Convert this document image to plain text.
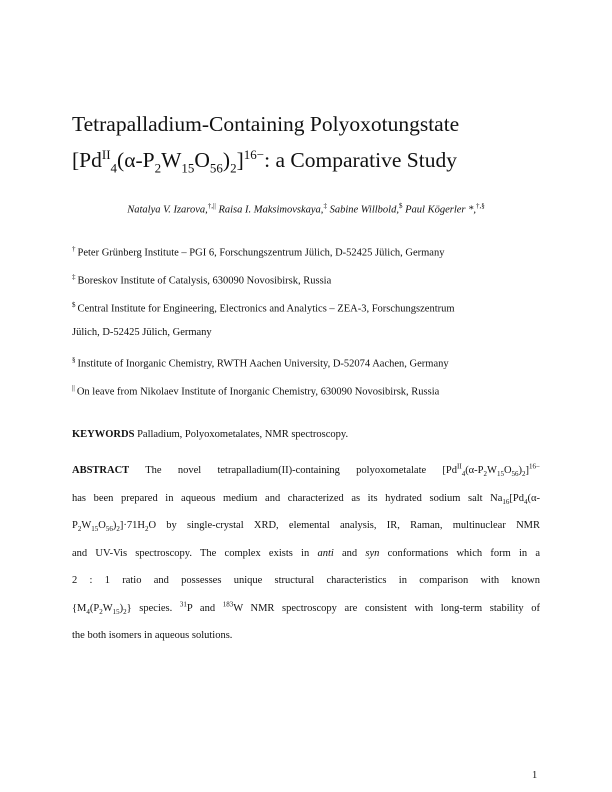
Tetrapalladium-Containing Polyoxotungstate
$[Pd^{II}_4(\alpha-P_2W_{15}O_{56})_2]^{16-}$: a Comparative Study
Natalya V. Izarova,†,|| Raisa I. Maksimovskaya,‡ Sabine Willbold,$ Paul Kögerler *,†,§
† Peter Grünberg Institute – PGI 6, Forschungszentrum Jülich, D-52425 Jülich, Germany
‡ Boreskov Institute of Catalysis, 630090 Novosibirsk, Russia
$ Central Institute for Engineering, Electronics and Analytics – ZEA-3, Forschungszentrum
Jülich, D-52425 Jülich, Germany
§ Institute of Inorganic Chemistry, RWTH Aachen University, D-52074 Aachen, Germany
|| On leave from Nikolaev Institute of Inorganic Chemistry, 630090 Novosibirsk, Russia
KEYWORDS Palladium, Polyoxometalates, NMR spectroscopy.
ABSTRACT The novel tetrapalladium(II)-containing polyoxometalate $[Pd^{II}_4(\alpha-P_2W_{15}O_{56})_2]^{16-}$
has been prepared in aqueous medium and characterized as its hydrated sodium salt $Na_{16}[Pd_4(\alpha-$
$P_2W_{15}O_{56})_2]\cdot 71H_2O$ by single-crystal XRD, elemental analysis, IR, Raman, multinuclear NMR
and UV-Vis spectroscopy. The complex exists in anti and syn conformations which form in a
2 : 1 ratio and possesses unique structural characteristics in comparison with known
$\{M_4(P_2W_{15})_2\}$ species. $^{31}$P and $^{183}$W NMR spectroscopy are consistent with long-term stability of
the both isomers in aqueous solutions.
1
